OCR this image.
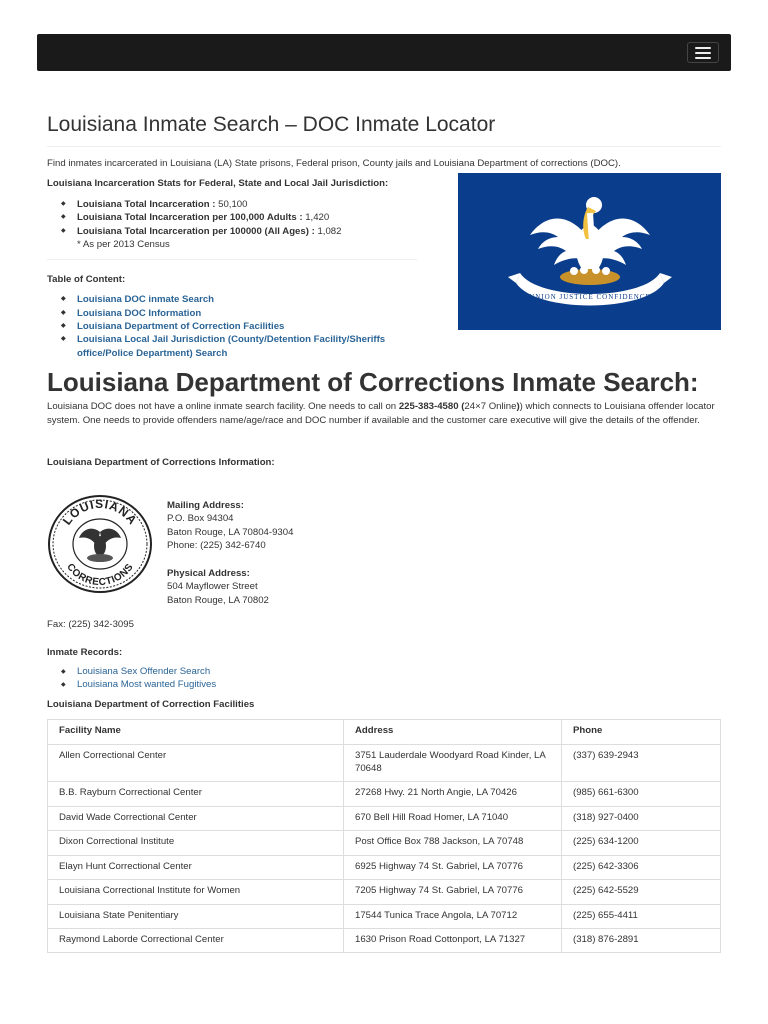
Louisiana Inmate Search – DOC Inmate Locator

Find inmates incarcerated in Louisiana (LA) State prisons, Federal prison, County jails and Louisiana Department of corrections (DOC).

UNION JUSTICE CONFIDENCE

Louisiana Incarceration Stats for Federal, State and Local Jail Jurisdiction:

◆ Louisiana Total Incarceration : 50,100
◆ Louisiana Total Incarceration per 100,000 Adults : 1,420
◆ Louisiana Total Incarceration per 100000 (All Ages) : 1,082

* As per 2013 Census

Table of Content:

◆ Louisiana DOC inmate Search
◆ Louisiana DOC Information
◆ Louisiana Department of Correction Facilities
◆ Louisiana Local Jail Jurisdiction (County/Detention Facility/Sheriffs office/Police Department) Search
Louisiana Department of Corrections Inmate Search:

Louisiana DOC does not have a online inmate search facility. One needs to call on 225-383-4580 (24×7 Online)) which connects to Louisiana offender locator system. One needs to provide offenders name/age/race and DOC number if available and the customer care executive will give the details of the offender.

Louisiana Department of Corrections Information:

LOUISIANA
CORRECTIONS
Mailing Address:
P.O. Box 94304
Baton Rouge, LA 70804-9304
Phone: (225) 342-6740
Physical Address:
504 Mayflower Street
Baton Rouge, LA 70802

Fax: (225) 342-3095

Inmate Records:

◆ Louisiana Sex Offender Search
◆ Louisiana Most wanted Fugitives

Louisiana Department of Correction Facilities

Facility Name	Address	Phone
Allen Correctional Center	3751 Lauderdale Woodyard Road Kinder, LA 70648	(337) 639-2943
B.B. Rayburn Correctional Center	27268 Hwy. 21 North Angie, LA 70426	(985) 661-6300
David Wade Correctional Center	670 Bell Hill Road Homer, LA 71040	(318) 927-0400
Dixon Correctional Institute	Post Office Box 788 Jackson, LA 70748	(225) 634-1200
Elayn Hunt Correctional Center	6925 Highway 74 St. Gabriel, LA 70776	(225) 642-3306
Louisiana Correctional Institute for Women	7205 Highway 74 St. Gabriel, LA 70776	(225) 642-5529
Louisiana State Penitentiary	17544 Tunica Trace Angola, LA 70712	(225) 655-4411
Raymond Laborde Correctional Center	1630 Prison Road Cottonport, LA 71327	(318) 876-2891
